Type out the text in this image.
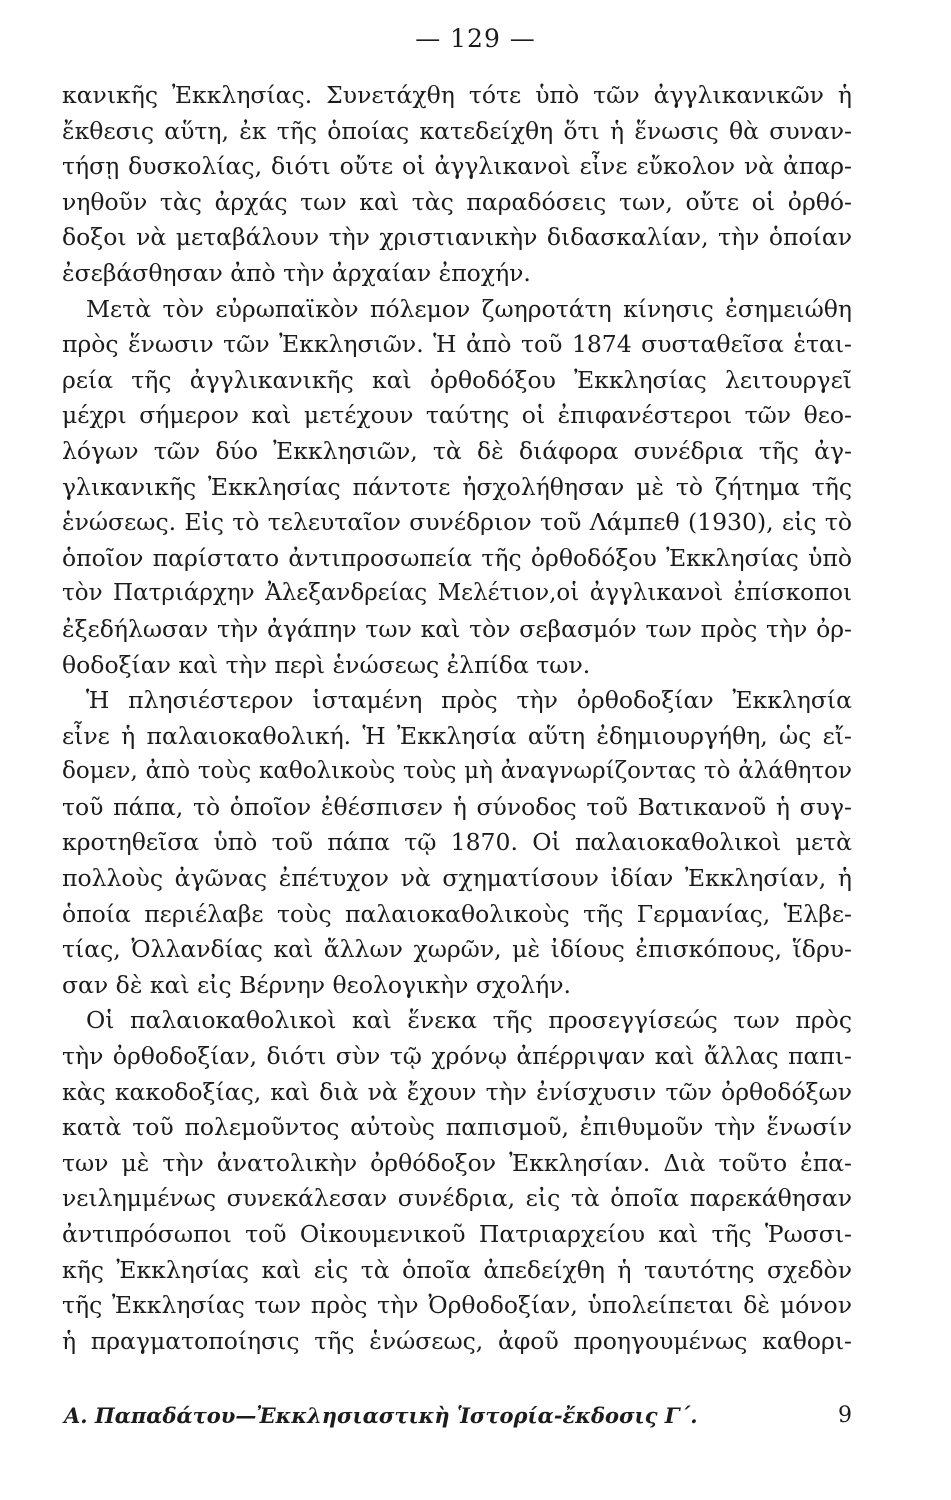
— 129 —
κανικῆς Ἐκκλησίας. Συνετάχθη τότε ὑπὸ τῶν ἀγγλικανικῶν ἡ
ἔκθεσις αὕτη, ἐκ τῆς ὁποίας κατεδείχθη ὅτι ἡ ἕνωσις θὰ συναν-
τήσῃ δυσκολίας, διότι οὔτε οἱ ἀγγλικανοὶ εἶνε εὔκολον νὰ ἀπαρ-
νηθοῦν τὰς ἀρχάς των καὶ τὰς παραδόσεις των, οὔτε οἱ ὀρθό-
δοξοι νὰ μεταβάλουν τὴν χριστιανικὴν διδασκαλίαν, τὴν ὁποίαν
ἐσεβάσθησαν ἀπὸ τὴν ἀρχαίαν ἐποχήν.
Μετὰ τὸν εὐρωπαϊκὸν πόλεμον ζωηροτάτη κίνησις ἐσημειώθη
πρὸς ἕνωσιν τῶν Ἐκκλησιῶν. Ἡ ἀπὸ τοῦ 1874 συσταθεῖσα ἑται-
ρεία τῆς ἀγγλικανικῆς καὶ ὀρθοδόξου Ἐκκλησίας λειτουργεῖ
μέχρι σήμερον καὶ μετέχουν ταύτης οἱ ἐπιφανέστεροι τῶν θεο-
λόγων τῶν δύο Ἐκκλησιῶν, τὰ δὲ διάφορα συνέδρια τῆς ἀγ-
γλικανικῆς Ἐκκλησίας πάντοτε ἠσχολήθησαν μὲ τὸ ζήτημα τῆς
ἑνώσεως. Εἰς τὸ τελευταῖον συνέδριον τοῦ Λάμπεθ (1930), εἰς τὸ
ὁποῖον παρίστατο ἀντιπροσωπεία τῆς ὀρθοδόξου Ἐκκλησίας ὑπὸ
τὸν Πατριάρχην Ἀλεξανδρείας Μελέτιον,οἱ ἀγγλικανοὶ ἐπίσκοποι
ἐξεδήλωσαν τὴν ἀγάπην των καὶ τὸν σεβασμόν των πρὸς τὴν ὀρ-
θοδοξίαν καὶ τὴν περὶ ἑνώσεως ἐλπίδα των.
Ἡ πλησιέστερον ἱσταμένη πρὸς τὴν ὀρθοδοξίαν Ἐκκλησία
εἶνε ἡ παλαιοκαθολική. Ἡ Ἐκκλησία αὕτη ἐδημιουργήθη, ὡς εἴ-
δομεν, ἀπὸ τοὺς καθολικοὺς τοὺς μὴ ἀναγνωρίζοντας τὸ ἀλάθητον
τοῦ πάπα, τὸ ὁποῖον ἐθέσπισεν ἡ σύνοδος τοῦ Βατικανοῦ ἡ συγ-
κροτηθεῖσα ὑπὸ τοῦ πάπα τῷ 1870. Οἱ παλαιοκαθολικοὶ μετὰ
πολλοὺς ἀγῶνας ἐπέτυχον νὰ σχηματίσουν ἰδίαν Ἐκκλησίαν, ἡ
ὁποία περιέλαβε τοὺς παλαιοκαθολικοὺς τῆς Γερμανίας, Ἑλβε-
τίας, Ὀλλανδίας καὶ ἄλλων χωρῶν, μὲ ἰδίους ἐπισκόπους, ἵδρυ-
σαν δὲ καὶ εἰς Βέρνην θεολογικὴν σχολήν.
Οἱ παλαιοκαθολικοὶ καὶ ἕνεκα τῆς προσεγγίσεώς των πρὸς
τὴν ὀρθοδοξίαν, διότι σὺν τῷ χρόνῳ ἀπέρριψαν καὶ ἄλλας παπι-
κὰς κακοδοξίας, καὶ διὰ νὰ ἔχουν τὴν ἐνίσχυσιν τῶν ὀρθοδόξων
κατὰ τοῦ πολεμοῦντος αὐτοὺς παπισμοῦ, ἐπιθυμοῦν τὴν ἕνωσίν
των μὲ τὴν ἀνατολικὴν ὀρθόδοξον Ἐκκλησίαν. Διὰ τοῦτο ἐπα-
νειλημμένως συνεκάλεσαν συνέδρια, εἰς τὰ ὁποῖα παρεκάθησαν
ἀντιπρόσωποι τοῦ Οἰκουμενικοῦ Πατριαρχείου καὶ τῆς Ῥωσσι-
κῆς Ἐκκλησίας καὶ εἰς τὰ ὁποῖα ἀπεδείχθη ἡ ταυτότης σχεδὸν
τῆς Ἐκκλησίας των πρὸς τὴν Ὀρθοδοξίαν, ὑπολείπεται δὲ μόνον
ἡ πραγματοποίησις τῆς ἑνώσεως, ἀφοῦ προηγουμένως καθορι-
Α. Παπαδάτου—Ἐκκλησιαστικὴ Ἱστορία-ἔκδοσις Γ΄.	9
